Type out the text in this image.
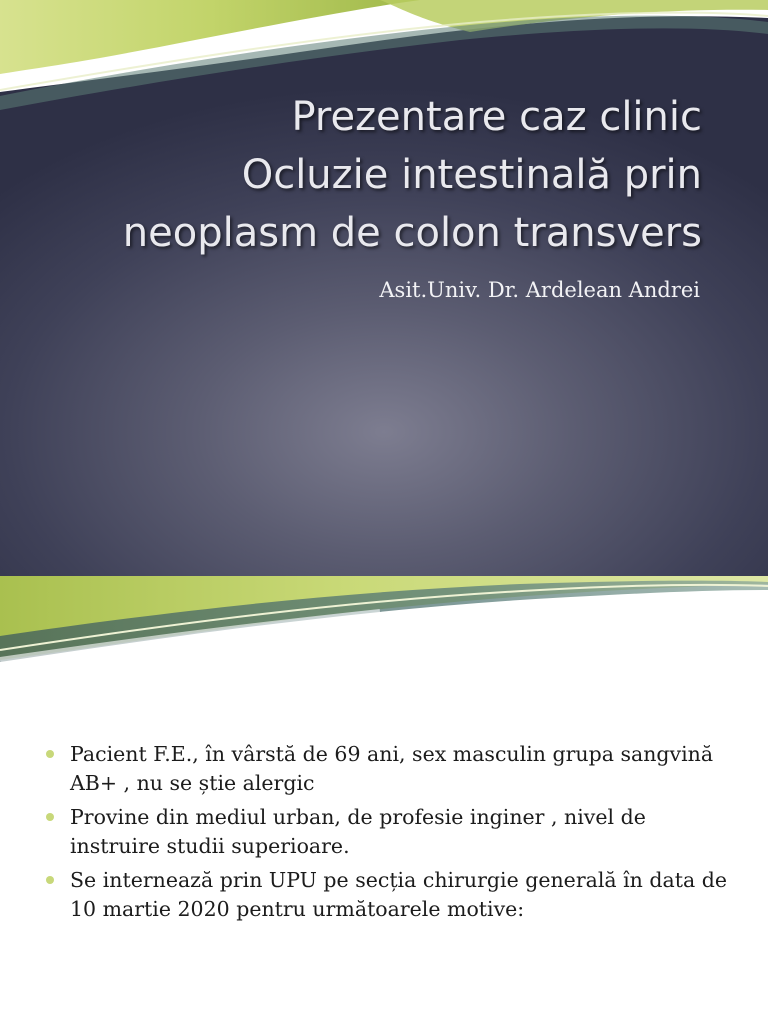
Prezentare caz clinic
Ocluzie intestinală prin
neoplasm de colon transvers
Asit.Univ. Dr. Ardelean Andrei
Pacient F.E., în vârstă de 69 ani, sex masculin grupa sangvină AB+ , nu se știe alergic
Provine din mediul urban, de profesie inginer , nivel de instruire studii superioare.
Se internează prin UPU pe secția chirurgie generală în data de 10 martie 2020 pentru următoarele motive:
